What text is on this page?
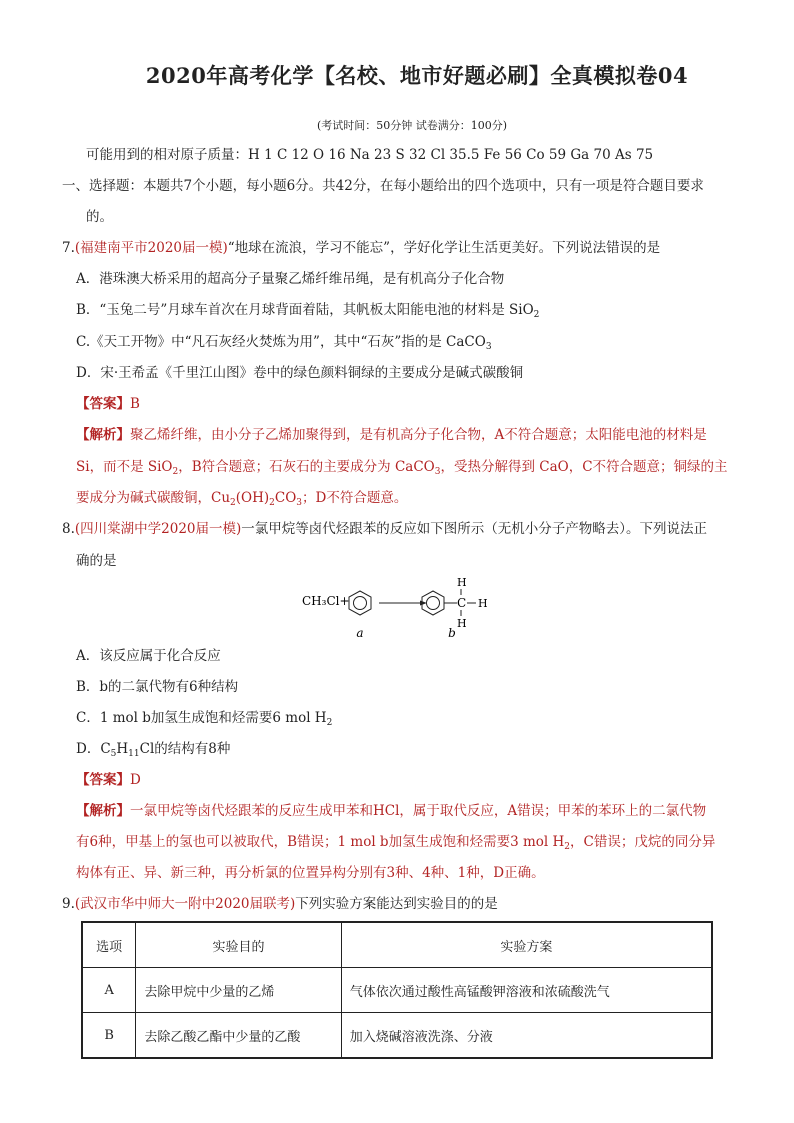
2020年高考化学【名校、地市好题必刷】全真模拟卷04
(考试时间：50分钟 试卷满分：100分)
可能用到的相对原子质量：H 1 C 12 O 16 Na 23 S 32 Cl 35.5 Fe 56 Co 59 Ga 70 As 75
一、选择题：本题共7个小题，每小题6分。共42分，在每小题给出的四个选项中，只有一项是符合题目要求
的。
7.(福建南平市2020届一模)“地球在流浪，学习不能忘”，学好化学让生活更美好。下列说法错误的是
A．港珠澳大桥采用的超高分子量聚乙烯纤维吊绳，是有机高分子化合物
B．“玉兔二号”月球车首次在月球背面着陆，其帆板太阳能电池的材料是 SiO$_2$
C.《天工开物》中“凡石灰经火焚炼为用”，其中“石灰”指的是 CaCO$_3$
D．宋·王希孟《千里江山图》卷中的绿色颜料铜绿的主要成分是碱式碳酸铜
【答案】B
【解析】聚乙烯纤维，由小分子乙烯加聚得到，是有机高分子化合物，A不符合题意；太阳能电池的材料是
Si，而不是 SiO$_2$，B符合题意；石灰石的主要成分为 CaCO$_3$，受热分解得到 CaO，C不符合题意；铜绿的主
要成分为碱式碳酸铜，$Cu_2(OH)_2CO_3$；D不符合题意。
8.(四川棠湖中学2020届一模)一氯甲烷等卤代烃跟苯的反应如下图所示（无机小分子产物略去）。下列说法正
确的是
CH₃Cl+	C
H
H
H
a	b
A．该反应属于化合反应
B．b的二氯代物有6种结构
C．1 mol b加氢生成饱和烃需要6 mol $H_2$
D．$C_5H_{11}Cl$的结构有8种
【答案】D
【解析】一氯甲烷等卤代烃跟苯的反应生成甲苯和HCl，属于取代反应，A错误；甲苯的苯环上的二氯代物
有6种，甲基上的氢也可以被取代，B错误；1 mol b加氢生成饱和烃需要3 mol $H_2$，C错误；戊烷的同分异
构体有正、异、新三种，再分析氯的位置异构分别有3种、4种、1种，D正确。
9.(武汉市华中师大一附中2020届联考)下列实验方案能达到实验目的的是
选项	实验目的	实验方案
A	去除甲烷中少量的乙烯	气体依次通过酸性高锰酸钾溶液和浓硫酸洗气
B	去除乙酸乙酯中少量的乙酸	加入烧碱溶液洗涤、分液
